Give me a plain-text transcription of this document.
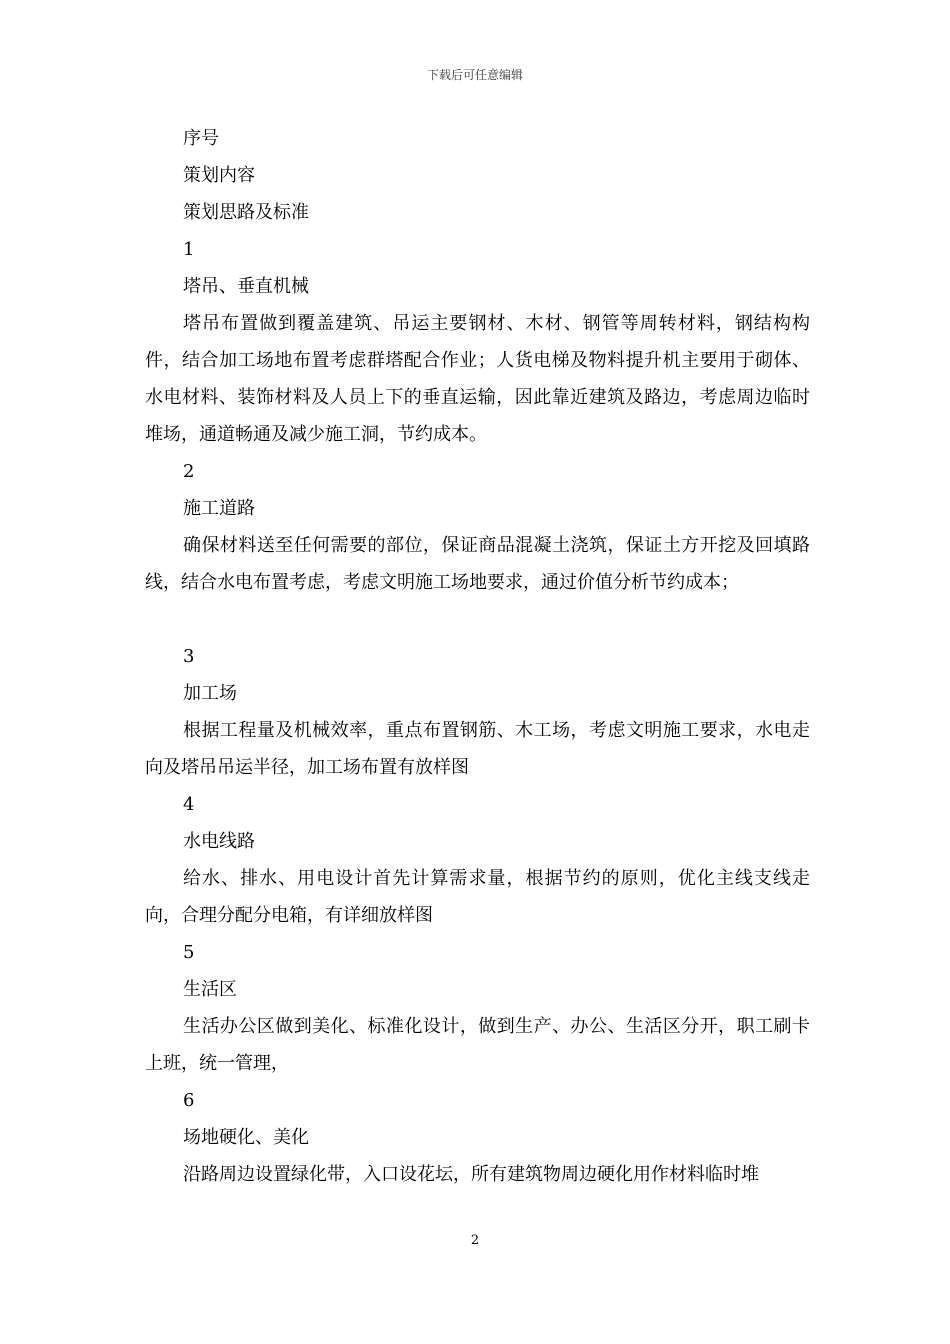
下载后可任意编辑

序号

策划内容

策划思路及标准

1

塔吊、垂直机械

塔吊布置做到覆盖建筑、吊运主要钢材、木材、钢管等周转材料，钢结构构件，结合加工场地布置考虑群塔配合作业；人货电梯及物料提升机主要用于砌体、水电材料、装饰材料及人员上下的垂直运输，因此靠近建筑及路边，考虑周边临时堆场，通道畅通及减少施工洞，节约成本。

2

施工道路

确保材料送至任何需要的部位，保证商品混凝土浇筑，保证土方开挖及回填路线，结合水电布置考虑，考虑文明施工场地要求，通过价值分析节约成本；

3

加工场

根据工程量及机械效率，重点布置钢筋、木工场，考虑文明施工要求，水电走向及塔吊吊运半径，加工场布置有放样图

4

水电线路

给水、排水、用电设计首先计算需求量，根据节约的原则，优化主线支线走向，合理分配分电箱，有详细放样图

5

生活区

生活办公区做到美化、标准化设计，做到生产、办公、生活区分开，职工刷卡上班，统一管理，

6

场地硬化、美化

沿路周边设置绿化带，入口设花坛，所有建筑物周边硬化用作材料临时堆

2
